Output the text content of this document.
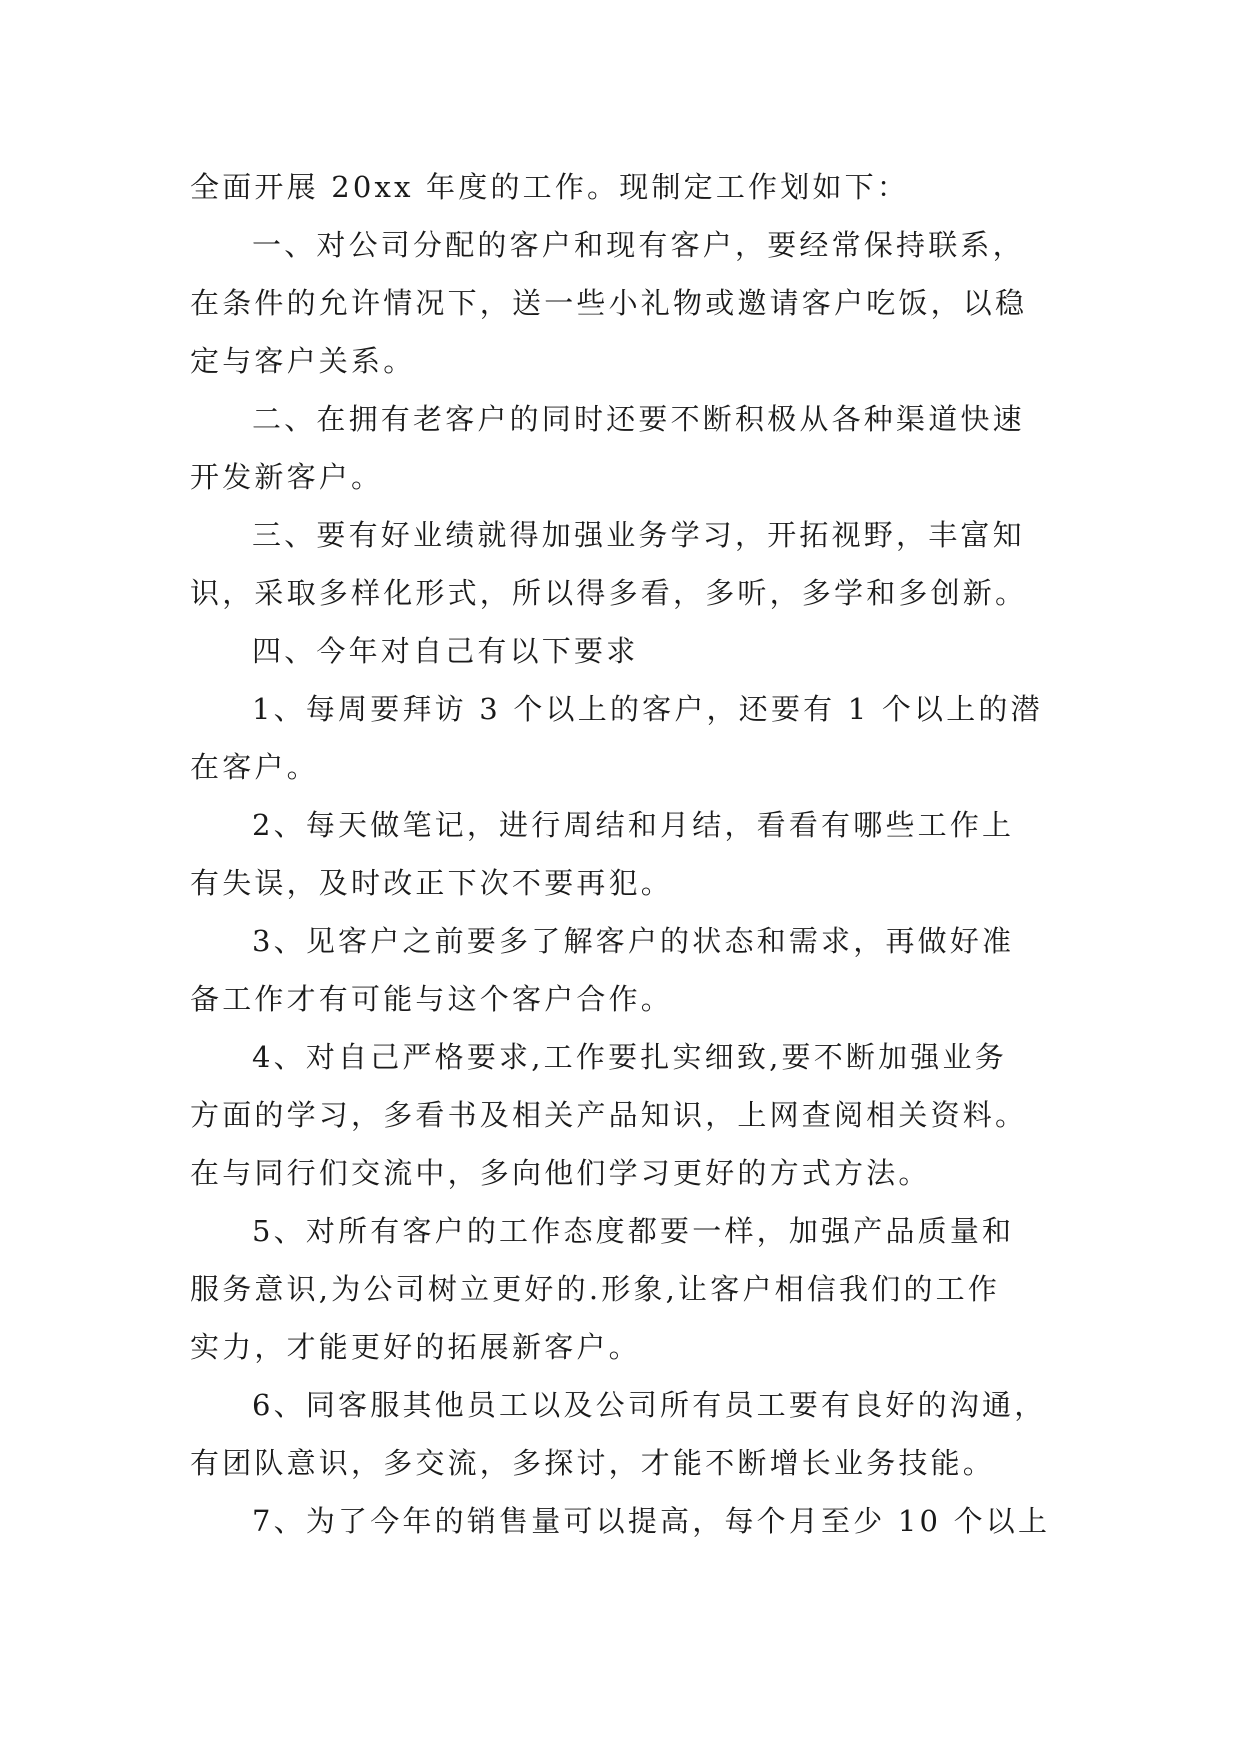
全面开展 20xx 年度的工作。现制定工作划如下：
一、对公司分配的客户和现有客户，要经常保持联系，
在条件的允许情况下，送一些小礼物或邀请客户吃饭，以稳
定与客户关系。
二、在拥有老客户的同时还要不断积极从各种渠道快速
开发新客户。
三、要有好业绩就得加强业务学习，开拓视野，丰富知
识，采取多样化形式，所以得多看，多听，多学和多创新。
四、今年对自己有以下要求
1、每周要拜访 3 个以上的客户，还要有 1 个以上的潜
在客户。
2、每天做笔记，进行周结和月结，看看有哪些工作上
有失误，及时改正下次不要再犯。
3、见客户之前要多了解客户的状态和需求，再做好准
备工作才有可能与这个客户合作。
4、对自己严格要求,工作要扎实细致,要不断加强业务
方面的学习，多看书及相关产品知识，上网查阅相关资料。
在与同行们交流中，多向他们学习更好的方式方法。
5、对所有客户的工作态度都要一样，加强产品质量和
服务意识,为公司树立更好的.形象,让客户相信我们的工作
实力，才能更好的拓展新客户。
6、同客服其他员工以及公司所有员工要有良好的沟通，
有团队意识，多交流，多探讨，才能不断增长业务技能。
7、为了今年的销售量可以提高，每个月至少 10 个以上
